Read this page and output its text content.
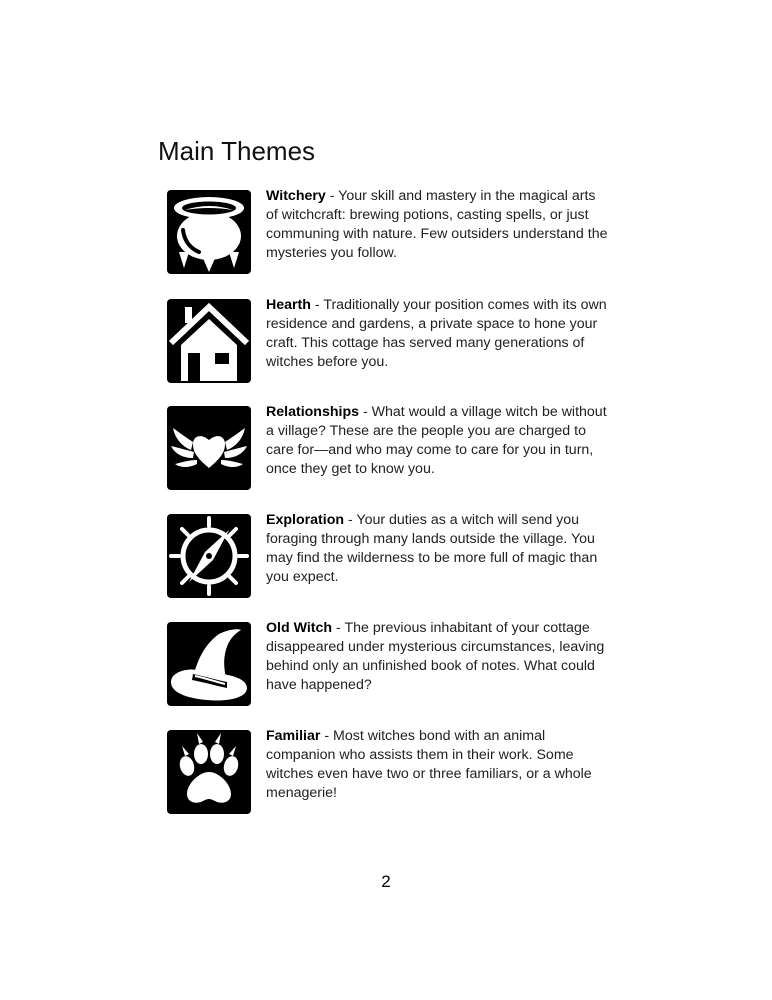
Main Themes

Witchery - Your skill and mastery in the magical arts of witchcraft: brewing potions, casting spells, or just communing with nature. Few outsiders understand the mysteries you follow.

Hearth - Traditionally your position comes with its own residence and gardens, a private space to hone your craft. This cottage has served many generations of witches before you.

Relationships - What would a village witch be without a village? These are the people you are charged to care for—and who may come to care for you in turn, once they get to know you.

Exploration - Your duties as a witch will send you foraging through many lands outside the village. You may find the wilderness to be more full of magic than you expect.

Old Witch - The previous inhabitant of your cottage disappeared under mysterious circumstances, leaving behind only an unfinished book of notes. What could have happened?

Familiar - Most witches bond with an animal companion who assists them in their work. Some witches even have two or three familiars, or a whole menagerie!

2
